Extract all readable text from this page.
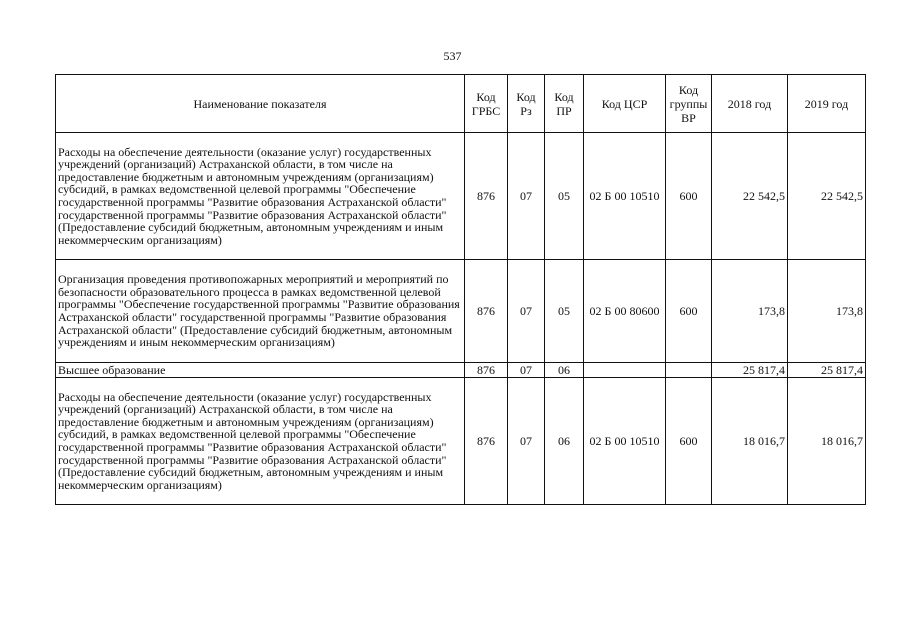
537
Наименование показателя	Код ГРБС	Код Рз	Код ПР	Код ЦСР	Код группы ВР	2018 год	2019 год
Расходы на обеспечение деятельности (оказание услуг) государственных учреждений (организаций) Астраханской области, в том числе на предоставление бюджетным и автономным учреждениям (организациям) субсидий, в рамках ведомственной целевой программы "Обеспечение государственной программы "Развитие образования Астраханской области" государственной программы "Развитие образования Астраханской области" (Предоставление субсидий бюджетным, автономным учреждениям и иным некоммерческим организациям)	876	07	05	02 Б 00 10510	600	22 542,5	22 542,5
Организация проведения противопожарных мероприятий и мероприятий по безопасности образовательного процесса в рамках ведомственной целевой программы "Обеспечение государственной программы "Развитие образования Астраханской области" государственной программы "Развитие образования Астраханской области" (Предоставление субсидий бюджетным, автономным учреждениям и иным некоммерческим организациям)	876	07	05	02 Б 00 80600	600	173,8	173,8
Высшее образование	876	07	06			25 817,4	25 817,4
Расходы на обеспечение деятельности (оказание услуг) государственных учреждений (организаций) Астраханской области, в том числе на предоставление бюджетным и автономным учреждениям (организациям) субсидий, в рамках ведомственной целевой программы "Обеспечение государственной программы "Развитие образования Астраханской области" государственной программы "Развитие образования Астраханской области" (Предоставление субсидий бюджетным, автономным учреждениям и иным некоммерческим организациям)	876	07	06	02 Б 00 10510	600	18 016,7	18 016,7
